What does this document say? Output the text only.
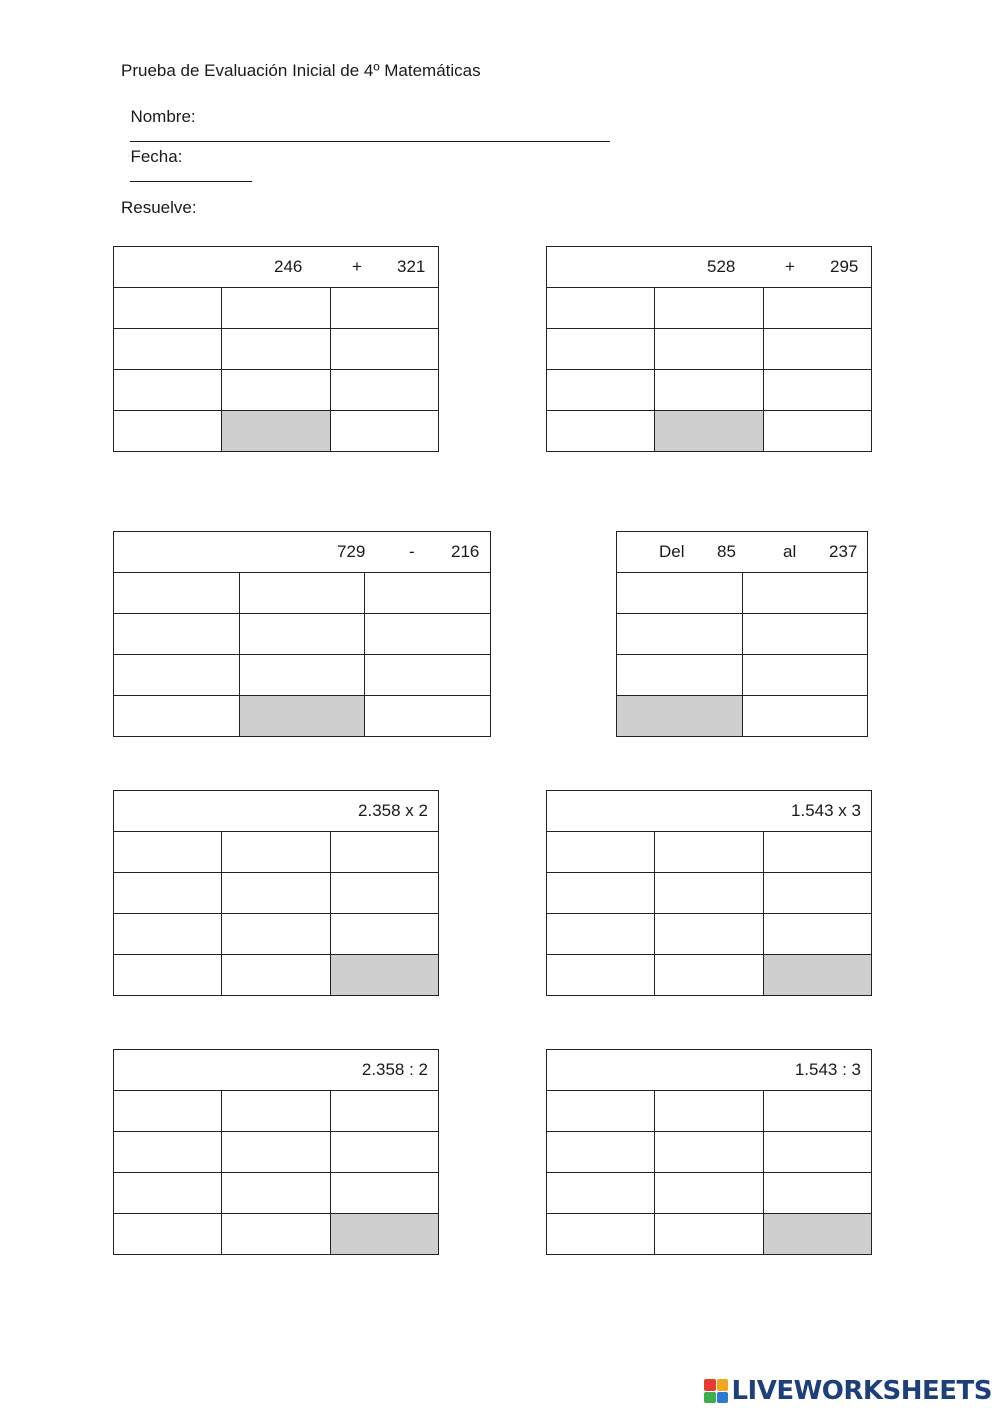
Prueba de Evaluación Inicial de 4º Matemáticas

Nombre:

Fecha:

Resuelve:
246 + 321		

			528 + 295		

729 - 216		

			Del 85 al 237	

2.358 x 2		

			1.543 x 3		

2.358 : 2		

			1.543 : 3		

LIVEWORKSHEETS
